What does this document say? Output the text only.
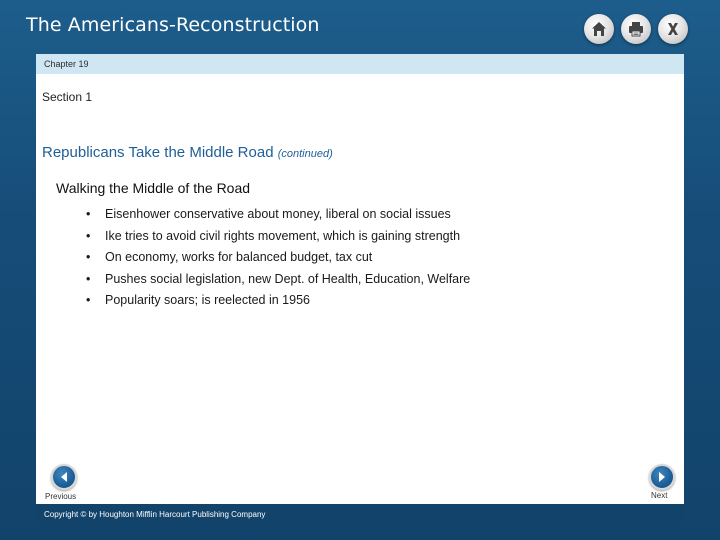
The Americans-Reconstruction
Chapter 19
Section 1
Republicans Take the Middle Road (continued)
Walking the Middle of the Road
• Eisenhower conservative about money, liberal on social issues
• Ike tries to avoid civil rights movement, which is gaining strength
• On economy, works for balanced budget, tax cut
• Pushes social legislation, new Dept. of Health, Education, Welfare
• Popularity soars; is reelected in 1956
Previous	Next
Copyright © by Houghton Mifflin Harcourt Publishing Company
